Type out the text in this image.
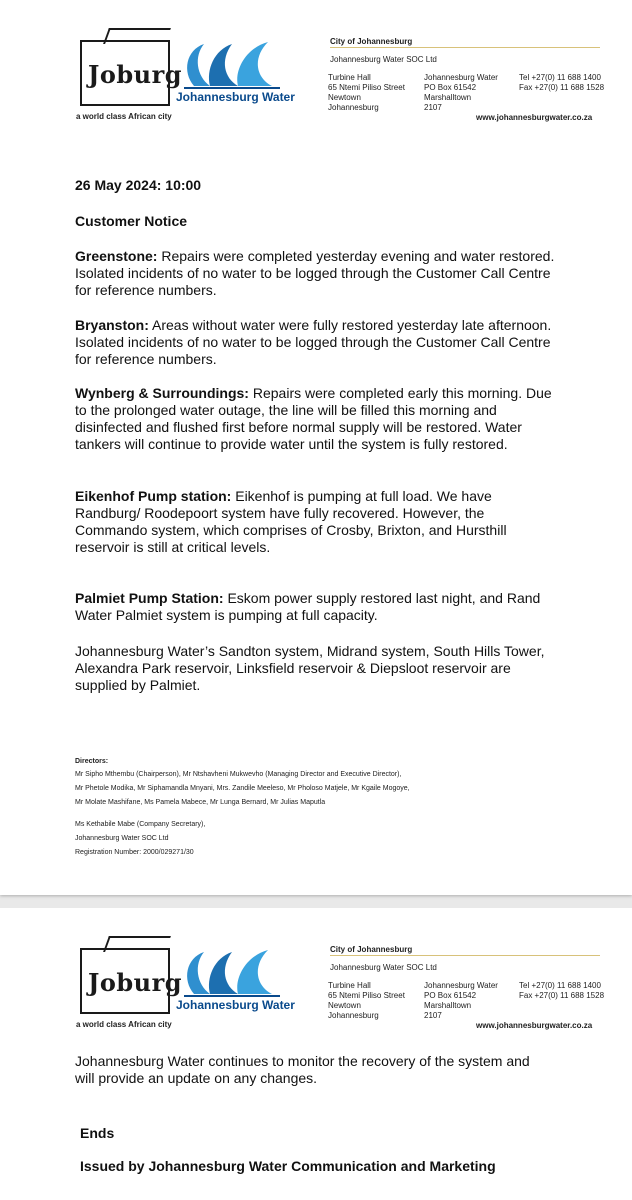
Joburg
a world class African city
Johannesburg Water
City of Johannesburg
Johannesburg Water SOC Ltd
Turbine Hall
65 Ntemi Piliso Street
Newtown
Johannesburg
Johannesburg Water
PO Box 61542
Marshalltown
2107
Tel +27(0) 11 688 1400
Fax +27(0) 11 688 1528
www.johannesburgwater.co.za
26 May 2024: 10:00
Customer Notice

Greenstone: Repairs were completed yesterday evening and water restored. Isolated incidents of no water to be logged through the Customer Call Centre for reference numbers.

Bryanston: Areas without water were fully restored yesterday late afternoon. Isolated incidents of no water to be logged through the Customer Call Centre for reference numbers.

Wynberg & Surroundings: Repairs were completed early this morning. Due to the prolonged water outage, the line will be filled this morning and disinfected and flushed first before normal supply will be restored. Water tankers will continue to provide water until the system is fully restored.

Eikenhof Pump station: Eikenhof is pumping at full load. We have Randburg/ Roodepoort system have fully recovered. However, the Commando system, which comprises of Crosby, Brixton, and Hursthill reservoir is still at critical levels.

Palmiet Pump Station: Eskom power supply restored last night, and Rand Water Palmiet system is pumping at full capacity.

Johannesburg Water’s Sandton system, Midrand system, South Hills Tower, Alexandra Park reservoir, Linksfield reservoir & Diepsloot reservoir are supplied by Palmiet.

Directors:
Mr Sipho Mthembu (Chairperson), Mr Ntshavheni Mukwevho (Managing Director and Executive Director),
Mr Phetole Modika, Mr Siphamandla Mnyani, Mrs. Zandile Meeleso, Mr Pholoso Matjele, Mr Kgaile Mogoye,
Mr Molate Mashifane, Ms Pamela Mabece, Mr Lunga Bernard, Mr Julias Maputla
Ms Kethabile Mabe (Company Secretary),
Johannesburg Water SOC Ltd
Registration Number: 2000/029271/30
Joburg
a world class African city
Johannesburg Water
City of Johannesburg
Johannesburg Water SOC Ltd
Turbine Hall
65 Ntemi Piliso Street
Newtown
Johannesburg
Johannesburg Water
PO Box 61542
Marshalltown
2107
Tel +27(0) 11 688 1400
Fax +27(0) 11 688 1528
www.johannesburgwater.co.za

Johannesburg Water continues to monitor the recovery of the system and will provide an update on any changes.

Ends
Issued by Johannesburg Water Communication and Marketing
